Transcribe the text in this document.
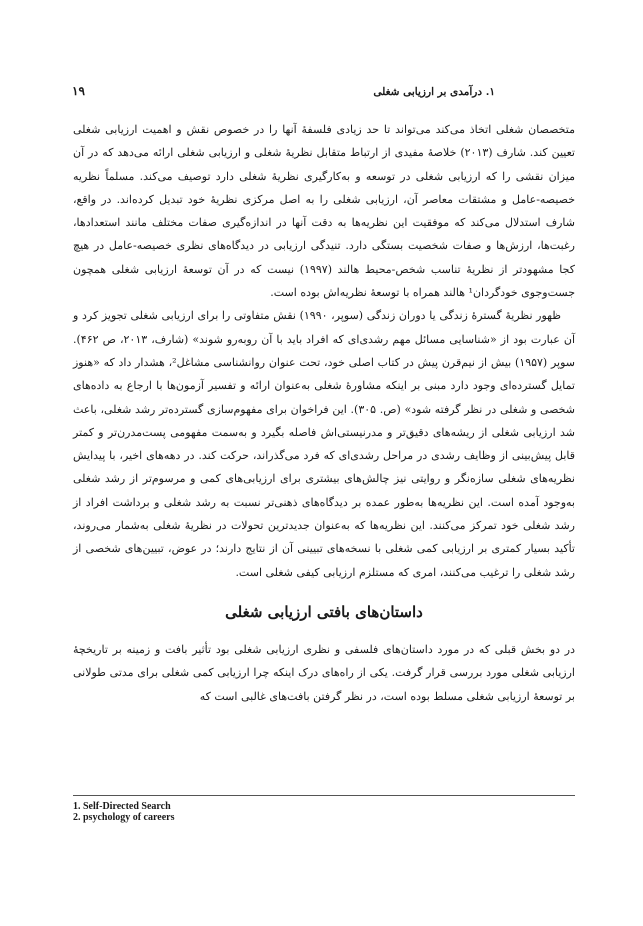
۱. درآمدی بر ارزیابی شغلی
۱۹

متخصصان شغلی اتخاذ می‌کند می‌تواند تا حد زیادی فلسفهٔ آنها را در خصوص نقش و اهمیت ارزیابی شغلی تعیین کند. شارف (۲۰۱۳) خلاصهٔ مفیدی از ارتباط متقابل نظریهٔ شغلی و ارزیابی شغلی ارائه می‌دهد که در آن میزان نقشی را که ارزیابی شغلی در توسعه و به‌کارگیری نظریهٔ شغلی دارد توصیف می‌کند. مسلماً نظریه خصیصه-عامل و مشتقات معاصر آن، ارزیابی شغلی را به اصل مرکزی نظریهٔ خود تبدیل کرده‌اند. در واقع، شارف استدلال می‌کند که موفقیت این نظریه‌ها به دقت آنها در اندازه‌گیری صفات مختلف مانند استعدادها، رغبت‌ها، ارزش‌ها و صفات شخصیت بستگی دارد. تنیدگی ارزیابی در دیدگاه‌های نظری خصیصه-عامل در هیچ کجا مشهودتر از نظریهٔ تناسب شخص-محیط هالند (۱۹۹۷) نیست که در آن توسعهٔ ارزیابی شغلی همچون جست‌وجوی خودگردان¹ هالند همراه با توسعهٔ نظریه‌اش بوده است.

ظهور نظریهٔ گسترهٔ زندگی یا دوران زندگی (سوپر، ۱۹۹۰) نقش متفاوتی را برای ارزیابی شغلی تجویز کرد و آن عبارت بود از «شناسایی مسائل مهم رشدی‌ای که افراد باید با آن روبه‌رو شوند» (شارف، ۲۰۱۳، ص ۴۶۲). سوپر (۱۹۵۷) بیش از نیم‌قرن پیش در کتاب اصلی خود، تحت عنوان روانشناسی مشاغل²، هشدار داد که «هنوز تمایل گسترده‌ای وجود دارد مبنی بر اینکه مشاورهٔ شغلی به‌عنوان ارائه و تفسیر آزمون‌ها با ارجاع به داده‌های شخصی و شغلی در نظر گرفته شود» (ص. ۳۰۵). این فراخوان برای مفهوم‌سازی گسترده‌تر رشد شغلی، باعث شد ارزیابی شغلی از ریشه‌های دقیق‌تر و مدرنیستی‌اش فاصله بگیرد و به‌سمت مفهومی پست‌مدرن‌تر و کمتر قابل پیش‌بینی از وظایف رشدی در مراحل رشدی‌ای که فرد می‌گذراند، حرکت کند. در دهه‌های اخیر، با پیدایش نظریه‌های شغلی سازه‌نگر و روایتی نیز چالش‌های بیشتری برای ارزیابی‌های کمی و مرسوم‌تر از رشد شغلی به‌وجود آمده است. این نظریه‌ها به‌طور عمده بر دیدگاه‌های ذهنی‌تر نسبت به رشد شغلی و برداشت افراد از رشد شغلی خود تمرکز می‌کنند. این نظریه‌ها که به‌عنوان جدیدترین تحولات در نظریهٔ شغلی به‌شمار می‌روند، تأکید بسیار کمتری بر ارزیابی کمی شغلی با نسخه‌های تبیینی آن از نتایج دارند؛ در عوض، تبیین‌های شخصی از رشد شغلی را ترغیب می‌کنند، امری که مستلزم ارزیابی کیفی شغلی است.

داستان‌های بافتی ارزیابی شغلی

در دو بخش قبلی که در مورد داستان‌های فلسفی و نظری ارزیابی شغلی بود تأثیر بافت و زمینه بر تاریخچهٔ ارزیابی شغلی مورد بررسی قرار گرفت. یکی از راه‌های درک اینکه چرا ارزیابی کمی شغلی برای مدتی طولانی بر توسعهٔ ارزیابی شغلی مسلط بوده است، در نظر گرفتن بافت‌های غالبی است که

1. Self-Directed Search

2. psychology of careers
